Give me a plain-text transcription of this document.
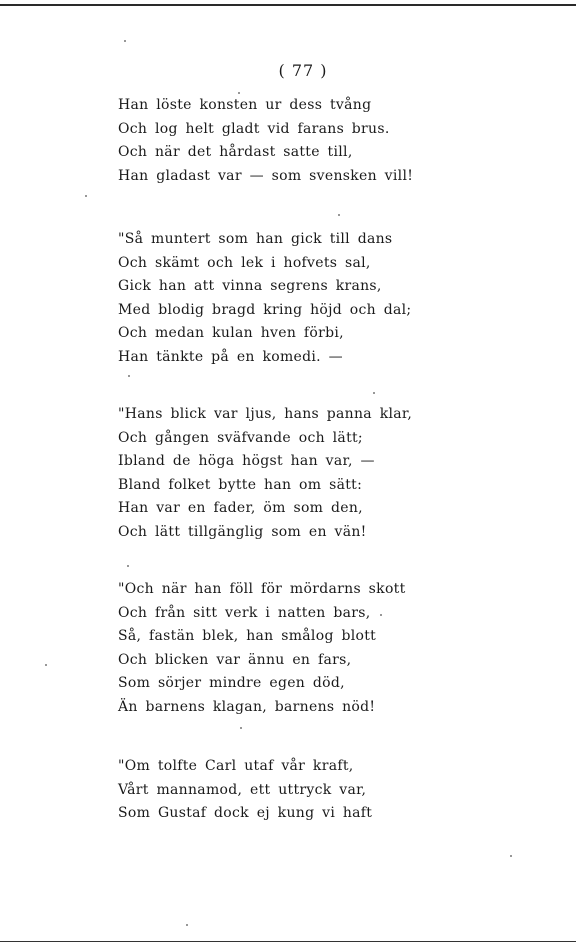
( 77 )
Han löste konsten ur dess tvång
Och log helt gladt vid farans brus.
Och när det hårdast satte till,
Han gladast var — som svensken vill!
"Så muntert som han gick till dans
Och skämt och lek i hofvets sal,
Gick han att vinna segrens krans,
Med blodig bragd kring höjd och dal;
Och medan kulan hven förbi,
Han tänkte på en komedi. —
"Hans blick var ljus, hans panna klar,
Och gången sväfvande och lätt;
Ibland de höga högst han var, —
Bland folket bytte han om sätt:
Han var en fader, öm som den,
Och lätt tillgänglig som en vän!
"Och när han föll för mördarns skott
Och från sitt verk i natten bars,
Så, fastän blek, han smålog blott
Och blicken var ännu en fars,
Som sörjer mindre egen död,
Än barnens klagan, barnens nöd!
"Om tolfte Carl utaf vår kraft,
Vårt mannamod, ett uttryck var,
Som Gustaf dock ej kung vi haft
